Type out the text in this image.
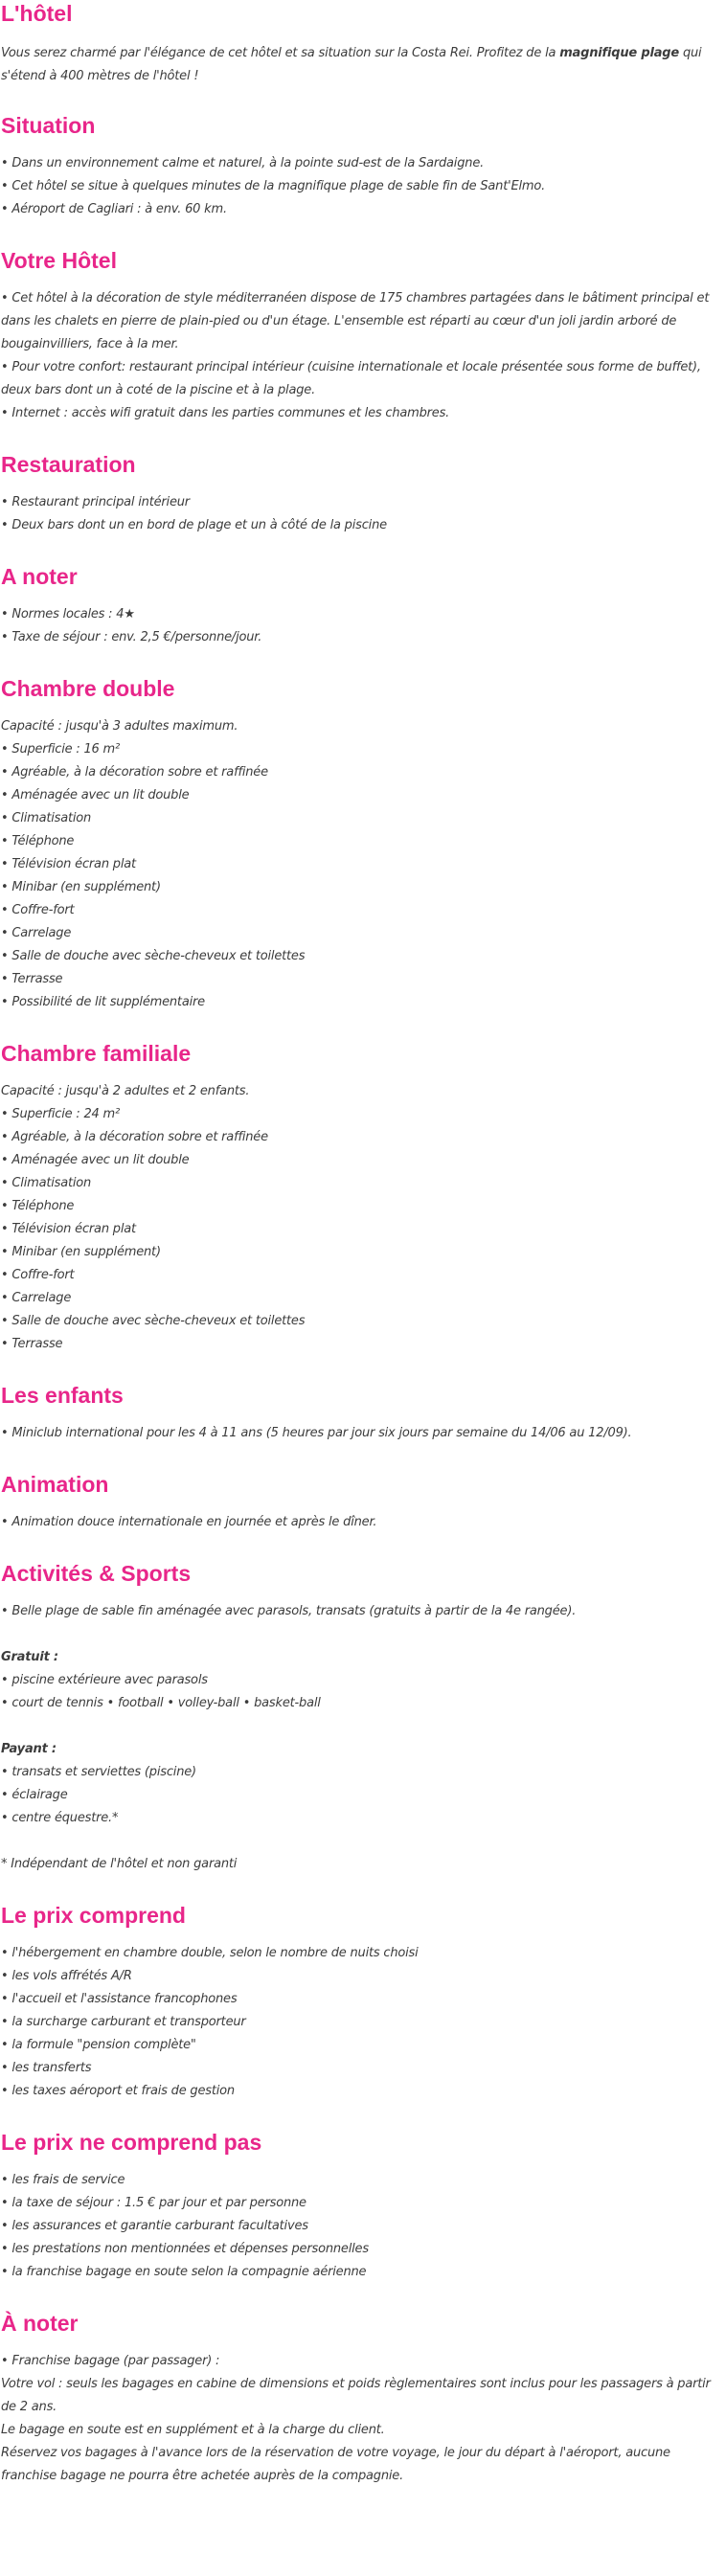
L'hôtel

Vous serez charmé par l'élégance de cet hôtel et sa situation sur la Costa Rei. Profitez de la magnifique plage qui s'étend à 400 mètres de l'hôtel !

Situation
• Dans un environnement calme et naturel, à la pointe sud-est de la Sardaigne.
• Cet hôtel se situe à quelques minutes de la magnifique plage de sable fin de Sant'Elmo.
• Aéroport de Cagliari : à env. 60 km.
Votre Hôtel
• Cet hôtel à la décoration de style méditerranéen dispose de 175 chambres partagées dans le bâtiment principal et dans les chalets en pierre de plain-pied ou d'un étage. L'ensemble est réparti au cœur d'un joli jardin arboré de bougainvilliers, face à la mer.
• Pour votre confort: restaurant principal intérieur (cuisine internationale et locale présentée sous forme de buffet), deux bars dont un à coté de la piscine et à la plage.
• Internet : accès wifi gratuit dans les parties communes et les chambres.
Restauration
• Restaurant principal intérieur
• Deux bars dont un en bord de plage et un à côté de la piscine
A noter
• Normes locales : 4★
• Taxe de séjour : env. 2,5 €/personne/jour.
Chambre double
Capacité : jusqu'à 3 adultes maximum.
• Superficie : 16 m²
• Agréable, à la décoration sobre et raffinée
• Aménagée avec un lit double
• Climatisation
• Téléphone
• Télévision écran plat
• Minibar (en supplément)
• Coffre-fort
• Carrelage
• Salle de douche avec sèche-cheveux et toilettes
• Terrasse
• Possibilité de lit supplémentaire
Chambre familiale
Capacité : jusqu'à 2 adultes et 2 enfants.
• Superficie : 24 m²
• Agréable, à la décoration sobre et raffinée
• Aménagée avec un lit double
• Climatisation
• Téléphone
• Télévision écran plat
• Minibar (en supplément)
• Coffre-fort
• Carrelage
• Salle de douche avec sèche-cheveux et toilettes
• Terrasse
Les enfants
• Miniclub international pour les 4 à 11 ans (5 heures par jour six jours par semaine du 14/06 au 12/09).
Animation
• Animation douce internationale en journée et après le dîner.
Activités & Sports
• Belle plage de sable fin aménagée avec parasols, transats (gratuits à partir de la 4e rangée).
Gratuit :
• piscine extérieure avec parasols
• court de tennis • football • volley-ball • basket-ball
Payant :
• transats et serviettes (piscine)
• éclairage
• centre équestre.*
* Indépendant de l'hôtel et non garanti
Le prix comprend
• l'hébergement en chambre double, selon le nombre de nuits choisi
• les vols affrétés A/R
• l'accueil et l'assistance francophones
• la surcharge carburant et transporteur
• la formule "pension complète"
• les transferts
• les taxes aéroport et frais de gestion
Le prix ne comprend pas
• les frais de service
• la taxe de séjour : 1.5 € par jour et par personne
• les assurances et garantie carburant facultatives
• les prestations non mentionnées et dépenses personnelles
• la franchise bagage en soute selon la compagnie aérienne
À noter
• Franchise bagage (par passager) :
Votre vol : seuls les bagages en cabine de dimensions et poids règlementaires sont inclus pour les passagers à partir de 2 ans.
Le bagage en soute est en supplément et à la charge du client.
Réservez vos bagages à l'avance lors de la réservation de votre voyage, le jour du départ à l'aéroport, aucune franchise bagage ne pourra être achetée auprès de la compagnie.
